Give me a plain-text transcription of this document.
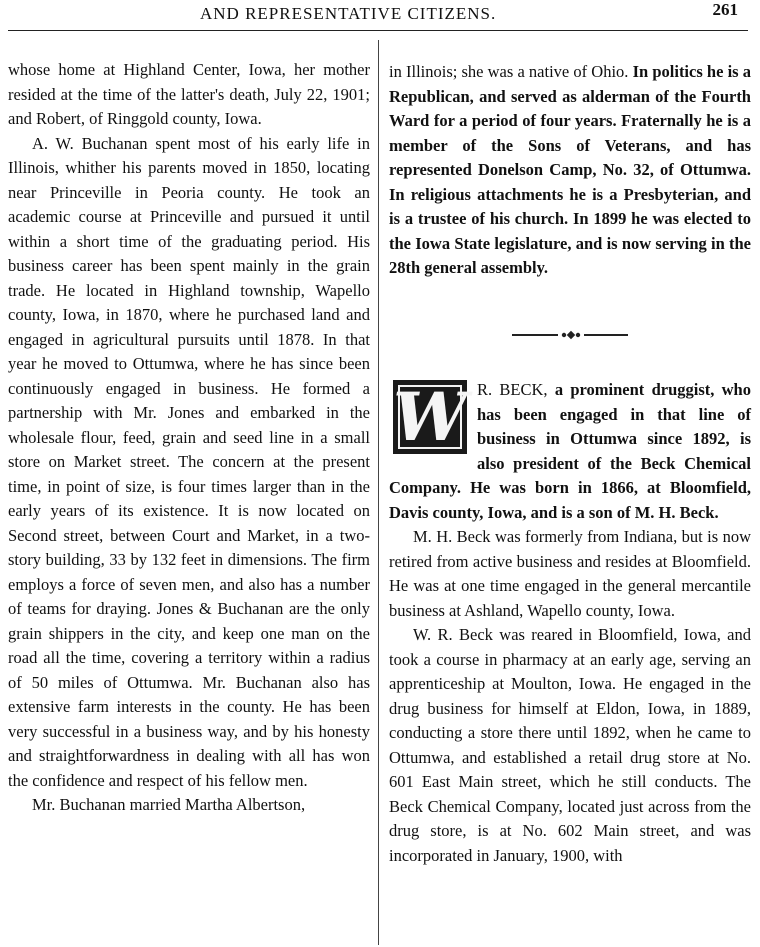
AND REPRESENTATIVE CITIZENS.	261

whose home at Highland Center, Iowa, her mother resided at the time of the latter's death, July 22, 1901; and Robert, of Ringgold county, Iowa.

A. W. Buchanan spent most of his early life in Illinois, whither his parents moved in 1850, locating near Princeville in Peoria county. He took an academic course at Princeville and pursued it until within a short time of the graduating period. His business career has been spent mainly in the grain trade. He located in Highland township, Wapello county, Iowa, in 1870, where he purchased land and engaged in agricultural pursuits until 1878. In that year he moved to Ottumwa, where he has since been continuously engaged in business. He formed a partnership with Mr. Jones and embarked in the wholesale flour, feed, grain and seed line in a small store on Market street. The concern at the present time, in point of size, is four times larger than in the early years of its existence. It is now located on Second street, between Court and Market, in a two-story building, 33 by 132 feet in dimensions. The firm employs a force of seven men, and also has a number of teams for draying. Jones & Buchanan are the only grain shippers in the city, and keep one man on the road all the time, covering a territory within a radius of 50 miles of Ottumwa. Mr. Buchanan also has extensive farm interests in the county. He has been very successful in a business way, and by his honesty and straightforwardness in dealing with all has won the confidence and respect of his fellow men.

Mr. Buchanan married Martha Albertson,

in Illinois; she was a native of Ohio. In politics he is a Republican, and served as alderman of the Fourth Ward for a period of four years. Fraternally he is a member of the Sons of Veterans, and has represented Donelson Camp, No. 32, of Ottumwa. In religious attachments he is a Presbyterian, and is a trustee of his church. In 1899 he was elected to the Iowa State legislature, and is now serving in the 28th general assembly.

W R. BECK, a prominent druggist, who has been engaged in that line of business in Ottumwa since 1892, is also president of the Beck Chemical Company. He was born in 1866, at Bloomfield, Davis county, Iowa, and is a son of M. H. Beck.

M. H. Beck was formerly from Indiana, but is now retired from active business and resides at Bloomfield. He was at one time engaged in the general mercantile business at Ashland, Wapello county, Iowa.

W. R. Beck was reared in Bloomfield, Iowa, and took a course in pharmacy at an early age, serving an apprenticeship at Moulton, Iowa. He engaged in the drug business for himself at Eldon, Iowa, in 1889, conducting a store there until 1892, when he came to Ottumwa, and established a retail drug store at No. 601 East Main street, which he still conducts. The Beck Chemical Company, located just across from the drug store, is at No. 602 Main street, and was incorporated in January, 1900, with
